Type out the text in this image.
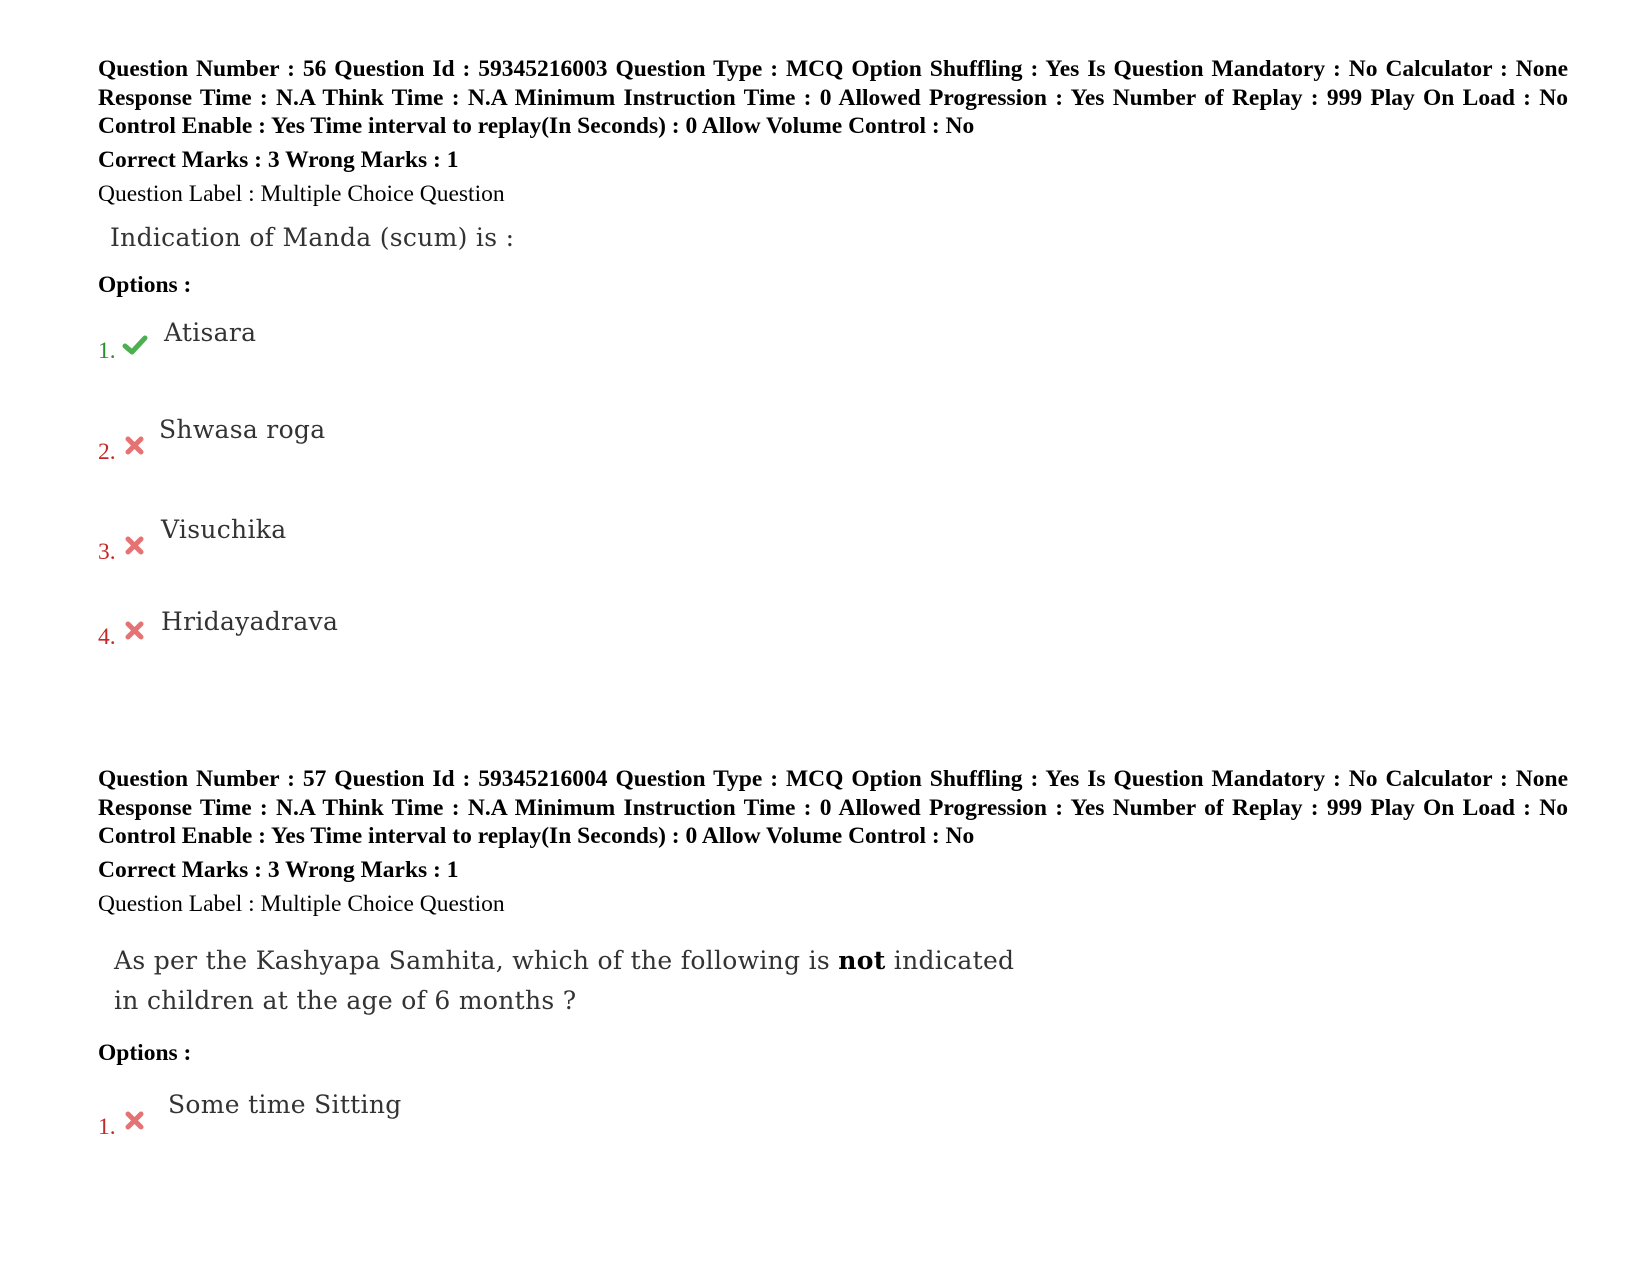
Question Number : 56 Question Id : 59345216003 Question Type : MCQ Option Shuffling : Yes Is Question Mandatory : No Calculator : None Response Time : N.A Think Time : N.A Minimum Instruction Time : 0 Allowed Progression : Yes Number of Replay : 999 Play On Load : No Control Enable : Yes Time interval to replay(In Seconds) : 0 Allow Volume Control : No

Correct Marks : 3 Wrong Marks : 1
Question Label : Multiple Choice Question
Indication of Manda (scum) is :
Options :
1.
Atisara
2.
Shwasa roga
3.
Visuchika
4.
Hridayadrava

Question Number : 57 Question Id : 59345216004 Question Type : MCQ Option Shuffling : Yes Is Question Mandatory : No Calculator : None Response Time : N.A Think Time : N.A Minimum Instruction Time : 0 Allowed Progression : Yes Number of Replay : 999 Play On Load : No Control Enable : Yes Time interval to replay(In Seconds) : 0 Allow Volume Control : No

Correct Marks : 3 Wrong Marks : 1
Question Label : Multiple Choice Question
As per the Kashyapa Samhita, which of the following is not indicated
in children at the age of 6 months ?
Options :
1.
Some time Sitting
